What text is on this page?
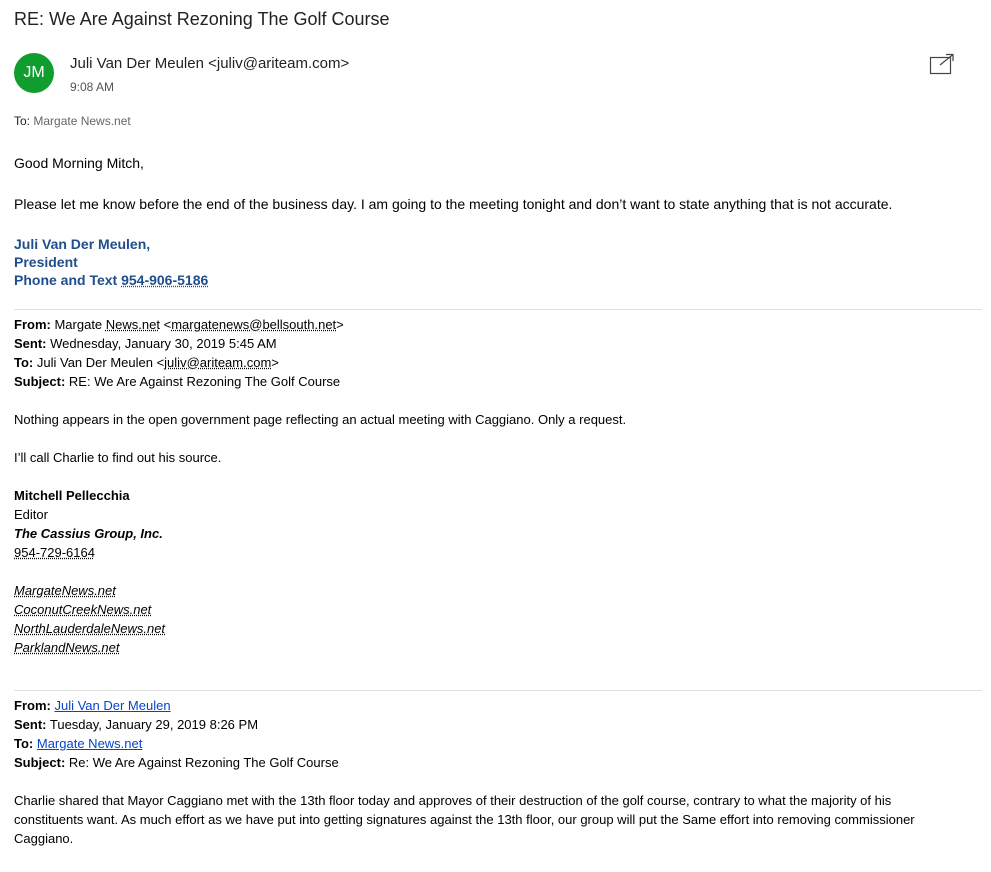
RE: We Are Against Rezoning The Golf Course
JM
Juli Van Der Meulen <juliv@ariteam.com>
9:08 AM
To: Margate News.net
Good Morning Mitch,
Please let me know before the end of the business day. I am going to the meeting tonight and don’t want to state anything that is not accurate.
Juli Van Der Meulen,
President
Phone and Text 954-906-5186
From: Margate News.net <margatenews@bellsouth.net>
Sent: Wednesday, January 30, 2019 5:45 AM
To: Juli Van Der Meulen <juliv@ariteam.com>
Subject: RE: We Are Against Rezoning The Golf Course
Nothing appears in the open government page reflecting an actual meeting with Caggiano. Only a request.
I’ll call Charlie to find out his source.
Mitchell Pellecchia
Editor
The Cassius Group, Inc.
954-729-6164
MargateNews.net
CoconutCreekNews.net
NorthLauderdaleNews.net
ParklandNews.net
From: Juli Van Der Meulen
Sent: Tuesday, January 29, 2019 8:26 PM
To: Margate News.net
Subject: Re: We Are Against Rezoning The Golf Course
Charlie shared that Mayor Caggiano met with the 13th floor today and approves of their destruction of the golf course, contrary to what the majority of his
constituents want. As much effort as we have put into getting signatures against the 13th floor, our group will put the Same effort into removing commissioner
Caggiano.
